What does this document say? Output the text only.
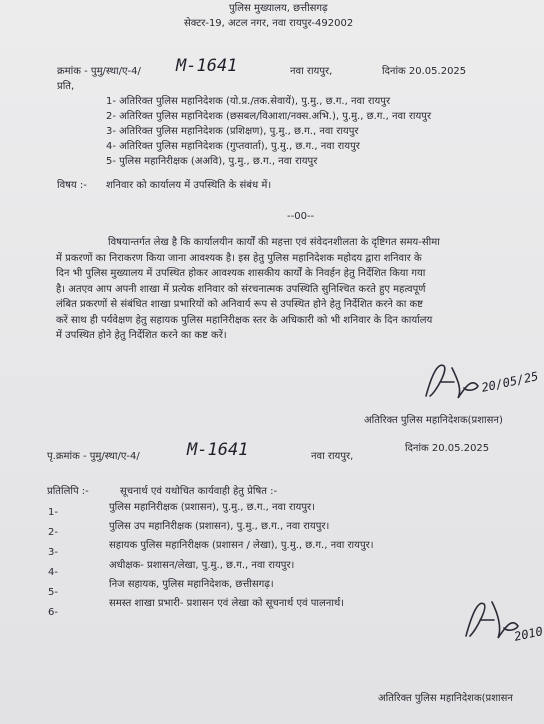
पुलिस मुख्यालय, छत्तीसगढ़
सेक्टर-19, अटल नगर, नवा रायपुर-492002
क्रमांक - पुमु/स्था/ए-4/ M-1641	नवा रायपुर,	दिनांक 20.05.2025
प्रति,
1- अतिरिक्त पुलिस महानिदेशक (यो.प्र./तक.सेवायें), पु.मु., छ.ग., नवा रायपुर
2- अतिरिक्त पुलिस महानिदेशक (छसबल/विआशा/नक्स.अभि.), पु.मु., छ.ग., नवा रायपुर
3- अतिरिक्त पुलिस महानिदेशक (प्रशिक्षण), पु.मु., छ.ग., नवा रायपुर
4- अतिरिक्त पुलिस महानिदेशक (गुप्तवार्ता), पु.मु., छ.ग., नवा रायपुर
5- पुलिस महानिरीक्षक (अअवि), पु.मु., छ.ग., नवा रायपुर
विषय :- शनिवार को कार्यालय में उपस्थिति के संबंध में।
--00--
विषयान्तर्गत लेख है कि कार्यालयीन कार्यों की महत्ता एवं संवेदनशीलता के दृष्टिगत समय-सीमा
में प्रकरणों का निराकरण किया जाना आवश्यक है। इस हेतु पुलिस महानिदेशक महोदय द्वारा शनिवार के
दिन भी पुलिस मुख्यालय में उपस्थित होकर आवश्यक शासकीय कार्यों के निवर्हन हेतु निर्देशित किया गया
है। अतएव आप अपनी शाखा में प्रत्येक शनिवार को संरचनात्मक उपस्थिति सुनिश्चित करते हुए महत्वपूर्ण
लंबित प्रकरणों से संबंधित शाखा प्रभारियों को अनिवार्य रूप से उपस्थित होने हेतु निर्देशित करने का कष्ट
करें साथ ही पर्यवेक्षण हेतु सहायक पुलिस महानिरीक्षक स्तर के अधिकारी को भी शनिवार के दिन कार्यालय
में उपस्थित होने हेतु निर्देशित करने का कष्ट करें।
20/05/25
अतिरिक्त पुलिस महानिदेशक(प्रशासन)
पृ.क्रमांक - पुमु/स्था/ए-4/	M-1641	नवा रायपुर,
दिनांक 20.05.2025
प्रतिलिपि :-	सूचनार्थ एवं यथोचित कार्यवाही हेतु प्रेषित :-
1-	पुलिस महानिरीक्षक (प्रशासन), पु.मु., छ.ग., नवा रायपुर।
2-
पुलिस उप महानिरीक्षक (प्रशासन), पु.मु., छ.ग., नवा रायपुर।
3-
सहायक पुलिस महानिरीक्षक (प्रशासन / लेखा), पु.मु., छ.ग., नवा रायपुर।
4-
अधीक्षक- प्रशासन/लेखा, पु.मु., छ.ग., नवा रायपुर।
5-
निज सहायक, पुलिस महानिदेशक, छत्तीसगढ़।
6-
समस्त शाखा प्रभारी- प्रशासन एवं लेखा को सूचनार्थ एवं पालनार्थ।
2010
अतिरिक्त पुलिस महानिदेशक(प्रशासन
